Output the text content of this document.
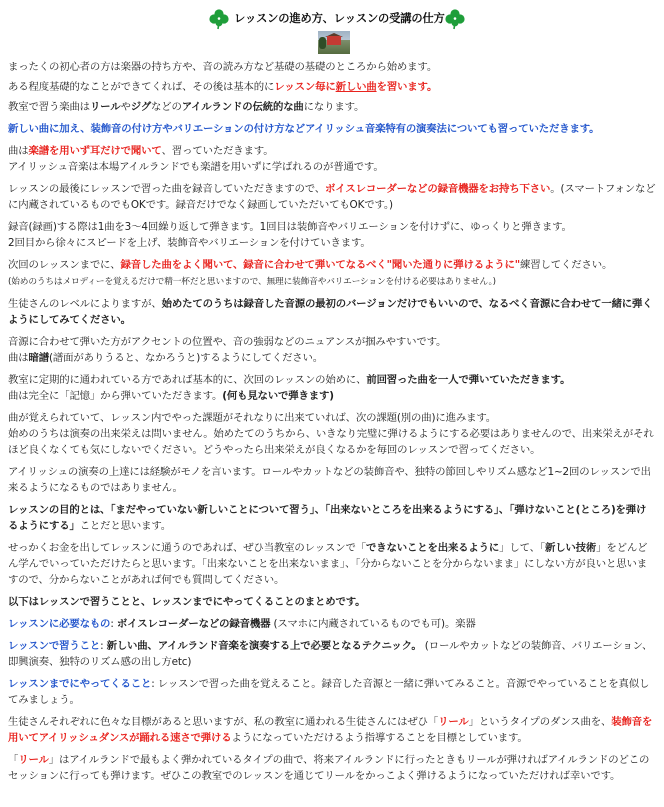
レッスンの進め方、レッスンの受講の仕方

まったくの初心者の方は楽器の持ち方や、音の読み方など基礎の基礎のところから始めます。

ある程度基礎的なことができてくれば、その後は基本的にレッスン毎に新しい曲を習います。

教室で習う楽曲はリールやジグなどのアイルランドの伝統的な曲になります。

新しい曲に加え、装飾音の付け方やバリエーションの付け方などアイリッシュ音楽特有の演奏法についても習っていただきます。

曲は楽譜を用いず耳だけで聞いて、習っていただきます。
アイリッシュ音楽は本場アイルランドでも楽譜を用いずに学ばれるのが普通です。

レッスンの最後にレッスンで習った曲を録音していただきますので、ボイスレコーダーなどの録音機器をお持ち下さい。(スマートフォンなどに内蔵されているものでもOKです。録音だけでなく録画していただいてもOKです。)

録音(録画)する際は1曲を3～4回繰り返して弾きます。1回目は装飾音やバリエーションを付けずに、ゆっくりと弾きます。
2回目から徐々にスピードを上げ、装飾音やバリエーションを付けていきます。

次回のレッスンまでに、録音した曲をよく聞いて、録音に合わせて弾いてなるべく"聞いた通りに弾けるように"練習してください。
(始めのうちはメロディーを覚えるだけで精一杯だと思いますので、無理に装飾音やバリエーションを付ける必要はありません。)

生徒さんのレベルによりますが、始めたてのうちは録音した音源の最初のバージョンだけでもいいので、なるべく音源に合わせて一緒に弾くようにしてみてください。

音源に合わせて弾いた方がアクセントの位置や、音の強弱などのニュアンスが掴みやすいです。
曲は暗譜(譜面がありうると、なかろうと)するようにしてください。

教室に定期的に通われている方であれば基本的に、次回のレッスンの始めに、前回習った曲を一人で弾いていただきます。
曲は完全に「記憶」から弾いていただきます。(何も見ないで弾きます)

曲が覚えられていて、レッスン内でやった課題がそれなりに出来ていれば、次の課題(別の曲)に進みます。
始めのうちは演奏の出来栄えは問いません。始めたてのうちから、いきなり完璧に弾けるようにする必要はありませんので、出来栄えがそれほど良くなくても気にしないでください。どうやったら出来栄えが良くなるかを毎回のレッスンで習ってください。

アイリッシュの演奏の上達には経験がモノを言います。ロールやカットなどの装飾音や、独特の節回しやリズム感など1~2回のレッスンで出来るようになるものではありません。

レッスンの目的とは、「まだやっていない新しいことについて習う」、「出来ないところを出来るようにする」、「弾けないこと(ところ)を弾けるようにする」ことだと思います。

せっかくお金を出してレッスンに通うのであれば、ぜひ当教室のレッスンで「できないことを出来るように」して、「新しい技術」をどんどん学んでいっていただけたらと思います。「出来ないことを出来ないまま」、「分からないことを分からないまま」にしない方が良いと思いますので、分からないことがあれば何でも質問してください。

以下はレッスンで習うことと、レッスンまでにやってくることのまとめです。

レッスンに必要なもの: ボイスレコーダーなどの録音機器 (スマホに内蔵されているものでも可)。楽器

レッスンで習うこと: 新しい曲、アイルランド音楽を演奏する上で必要となるテクニック。 (ロールやカットなどの装飾音、バリエーション、即興演奏、独特のリズム感の出し方etc)

レッスンまでにやってくること: レッスンで習った曲を覚えること。録音した音源と一緒に弾いてみること。音源でやっていることを真似してみましょう。

生徒さんそれぞれに色々な目標があると思いますが、私の教室に通われる生徒さんにはぜひ「リール」というタイプのダンス曲を、装飾音を用いてアイリッシュダンスが踊れる速さで弾けるようになっていただけるよう指導することを目標としています。

「リール」はアイルランドで最もよく弾かれているタイプの曲で、将来アイルランドに行ったときもリールが弾ければアイルランドのどこのセッションに行っても弾けます。ぜひこの教室でのレッスンを通じてリールをかっこよく弾けるようになっていただければ幸いです。
